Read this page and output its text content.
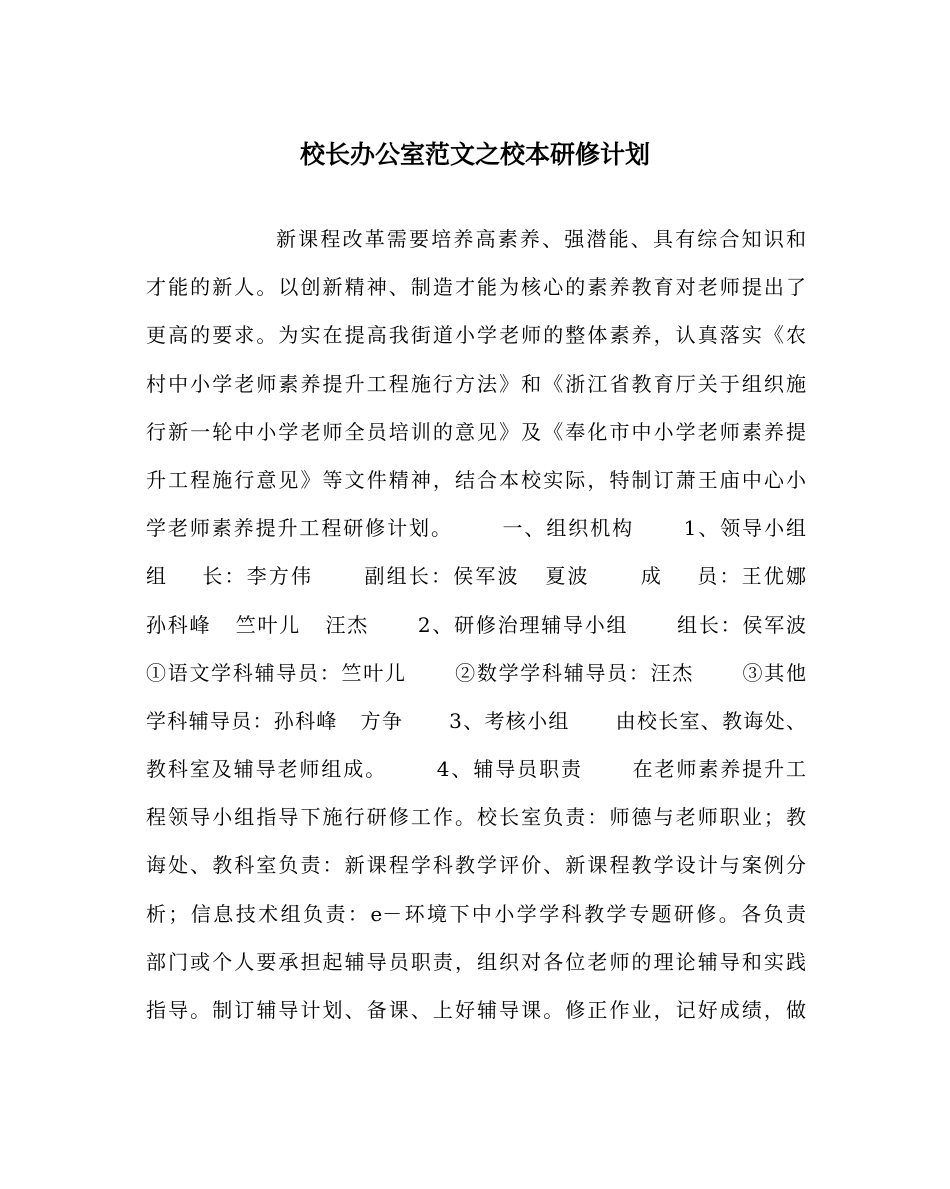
校长办公室范文之校本研修计划
新课程改革需要培养高素养、强潜能、具有综合知识和
才能的新人。以创新精神、制造才能为核心的素养教育对老师提出了
更高的要求。为实在提高我街道小学老师的整体素养，认真落实《农
村中小学老师素养提升工程施行方法》和《浙江省教育厅关于组织施
行新一轮中小学老师全员培训的意见》及《奉化市中小学老师素养提
升工程施行意见》等文件精神，结合本校实际，特制订萧王庙中心小
学老师素养提升工程研修计划。      一、组织机构      1、领导小组
组    长：李方伟      副组长：侯军波   夏波      成    员：王优娜
孙科峰   竺叶儿   汪杰      2、研修治理辅导小组      组长：侯军波
①语文学科辅导员：竺叶儿      ②数学学科辅导员：汪杰      ③其他
学科辅导员：孙科峰   方争      3、考核小组      由校长室、教诲处、
教科室及辅导老师组成。      4、辅导员职责      在老师素养提升工
程领导小组指导下施行研修工作。校长室负责：师德与老师职业；教
诲处、教科室负责：新课程学科教学评价、新课程教学设计与案例分
析；信息技术组负责：e－环境下中小学学科教学专题研修。各负责
部门或个人要承担起辅导员职责，组织对各位老师的理论辅导和实践
指导。制订辅导计划、备课、上好辅导课。修正作业，记好成绩，做
